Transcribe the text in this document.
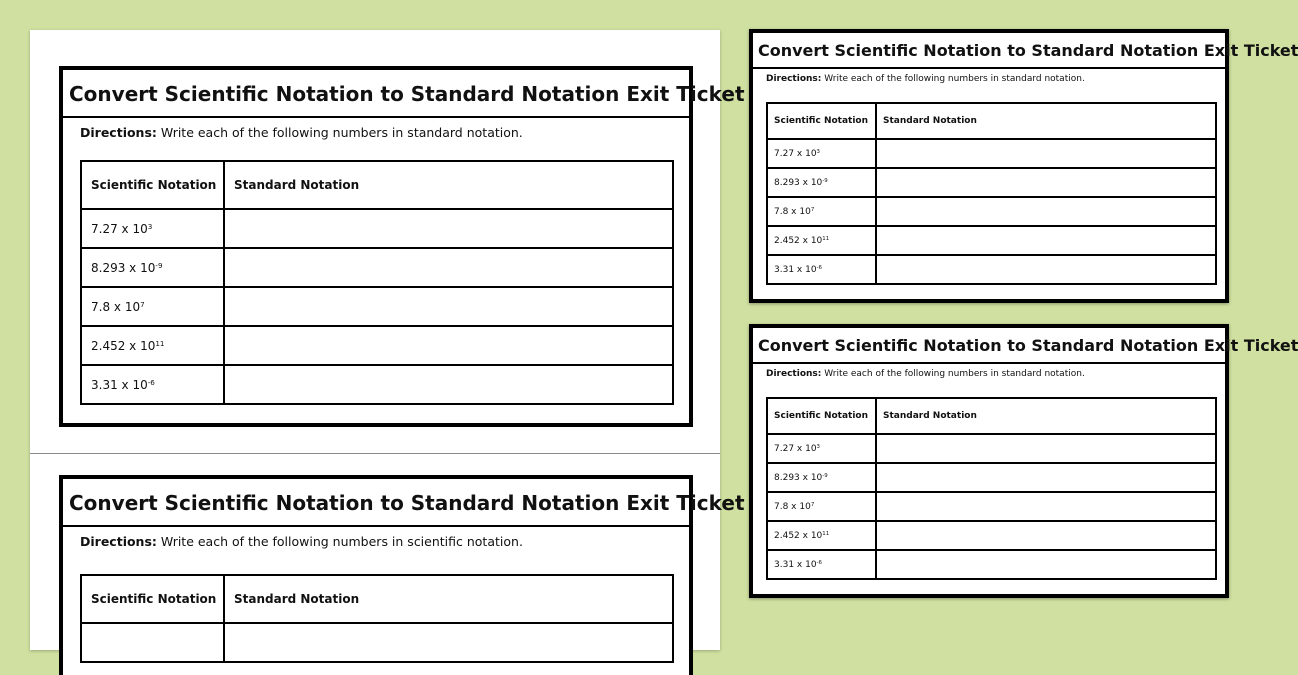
Convert Scientific Notation to Standard Notation Exit Ticket
Directions: Write each of the following numbers in standard notation.
Scientific Notation	Standard Notation
7.27 x $10^3$	
8.293 x $10^{-9}$	
7.8 x $10^7$	
2.452 x $10^{11}$	
3.31 x $10^{-6}$	
Convert Scientific Notation to Standard Notation Exit Ticket
Directions: Write each of the following numbers in scientific notation.
Scientific Notation	Standard Notation

Convert Scientific Notation to Standard Notation Exit Ticket
Directions: Write each of the following numbers in standard notation.
Scientific Notation	Standard Notation
7.27 x $10^3$	
8.293 x $10^{-9}$	
7.8 x $10^7$	
2.452 x $10^{11}$	
3.31 x $10^{-6}$	
Convert Scientific Notation to Standard Notation Exit Ticket
Directions: Write each of the following numbers in standard notation.
Scientific Notation	Standard Notation
7.27 x $10^3$	
8.293 x $10^{-9}$	
7.8 x $10^7$	
2.452 x $10^{11}$	
3.31 x $10^{-6}$	
